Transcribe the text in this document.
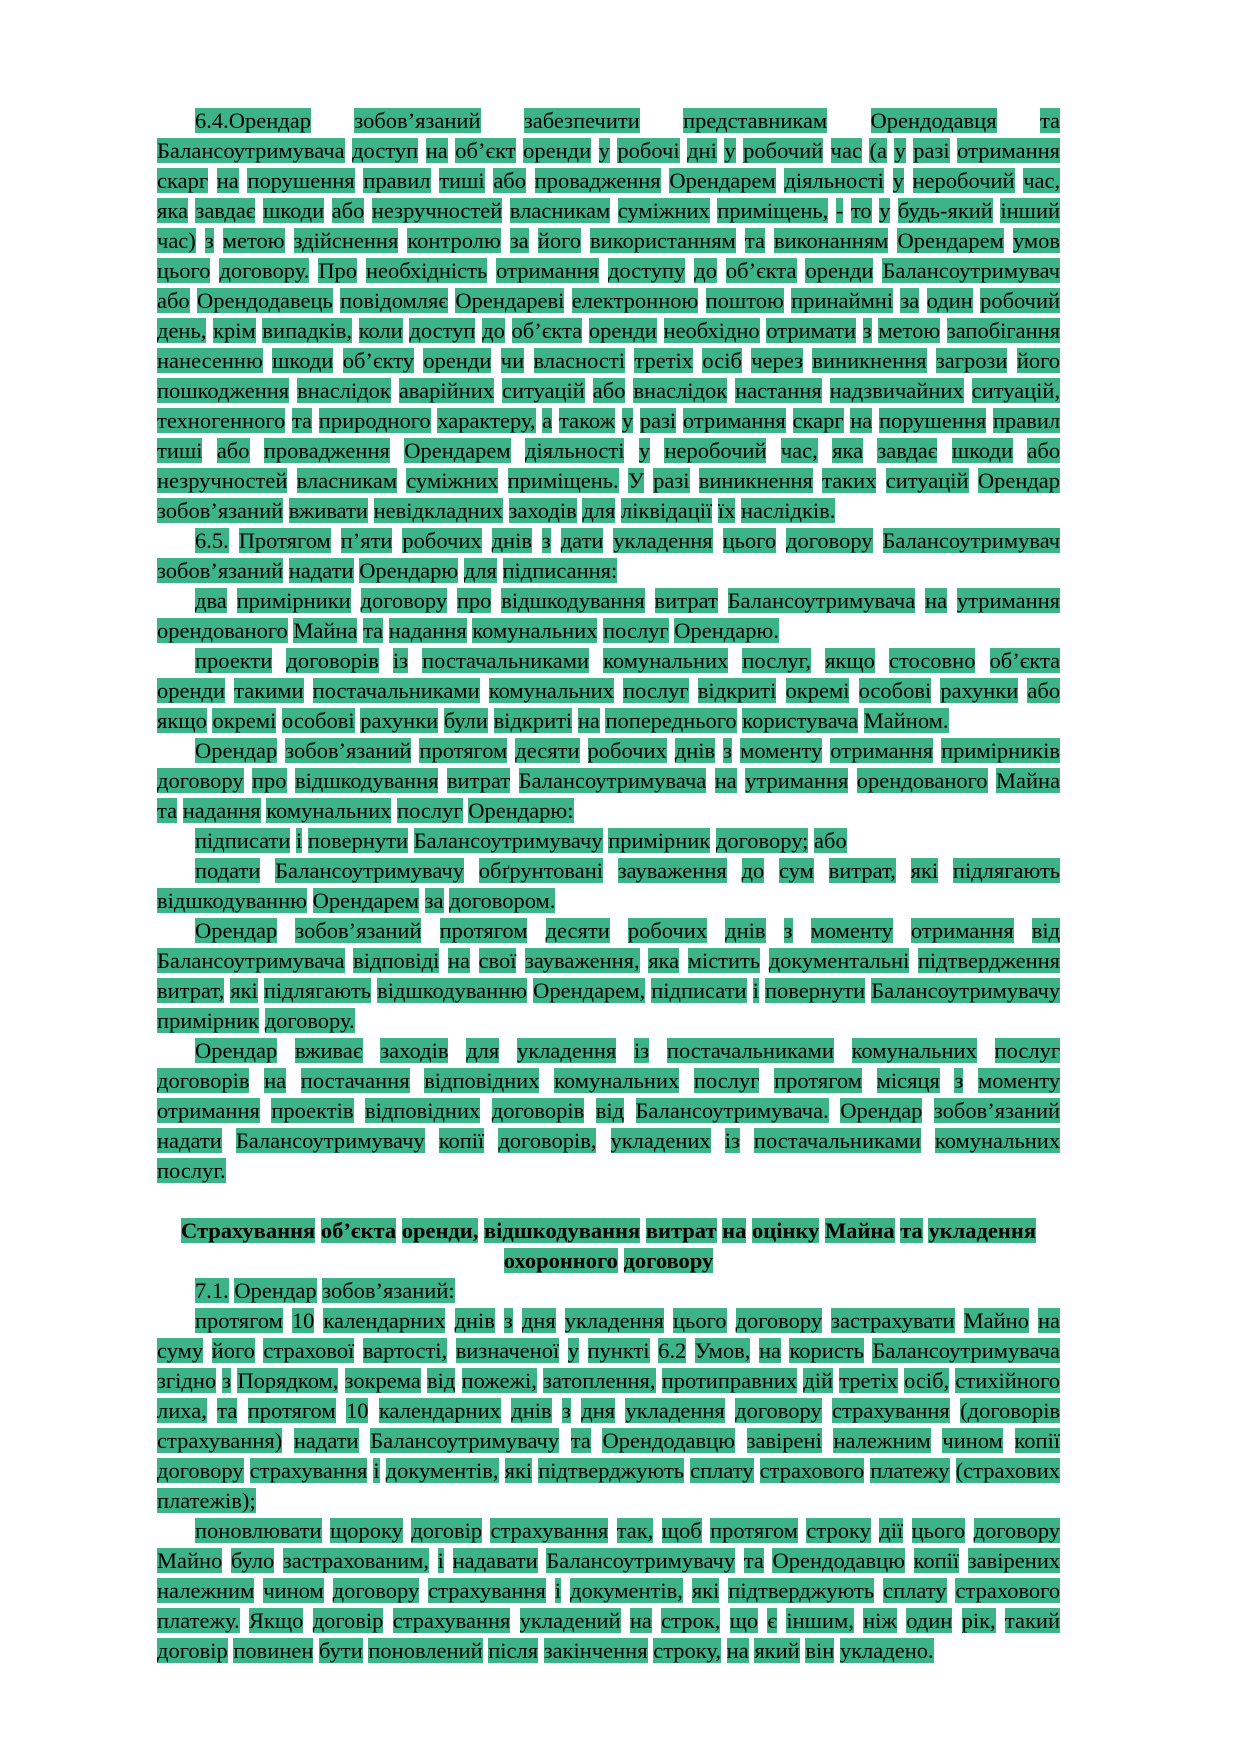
6.4.Орендар зобов’язаний забезпечити представникам Орендодавця та Балансоутримувача доступ на об’єкт оренди у робочі дні у робочий час (а у разі отримання скарг на порушення правил тиші або провадження Орендарем діяльності у неробочий час, яка завдає шкоди або незручностей власникам суміжних приміщень, - то у будь-який інший час) з метою здійснення контролю за його використанням та виконанням Орендарем умов цього договору. Про необхідність отримання доступу до об’єкта оренди Балансоутримувач або Орендодавець повідомляє Орендареві електронною поштою принаймні за один робочий день, крім випадків, коли доступ до об’єкта оренди необхідно отримати з метою запобігання нанесенню шкоди об’єкту оренди чи власності третіх осіб через виникнення загрози його пошкодження внаслідок аварійних ситуацій або внаслідок настання надзвичайних ситуацій, техногенного та природного характеру, а також у разі отримання скарг на порушення правил тиші або провадження Орендарем діяльності у неробочий час, яка завдає шкоди або незручностей власникам суміжних приміщень. У разі виникнення таких ситуацій Орендар зобов’язаний вживати невідкладних заходів для ліквідації їх наслідків.

6.5. Протягом п’яти робочих днів з дати укладення цього договору Балансоутримувач зобов’язаний надати Орендарю для підписання:

два примірники договору про відшкодування витрат Балансоутримувача на утримання орендованого Майна та надання комунальних послуг Орендарю.

проекти договорів із постачальниками комунальних послуг, якщо стосовно об’єкта оренди такими постачальниками комунальних послуг відкриті окремі особові рахунки або якщо окремі особові рахунки були відкриті на попереднього користувача Майном.

Орендар зобов’язаний протягом десяти робочих днів з моменту отримання примірників договору про відшкодування витрат Балансоутримувача на утримання орендованого Майна та надання комунальних послуг Орендарю:

підписати і повернути Балансоутримувачу примірник договору; або

подати Балансоутримувачу обґрунтовані зауваження до сум витрат, які підлягають відшкодуванню Орендарем за договором.

Орендар зобов’язаний протягом десяти робочих днів з моменту отримання від Балансоутримувача відповіді на свої зауваження, яка містить документальні підтвердження витрат, які підлягають відшкодуванню Орендарем, підписати і повернути Балансоутримувачу примірник договору.

Орендар вживає заходів для укладення із постачальниками комунальних послуг договорів на постачання відповідних комунальних послуг протягом місяця з моменту отримання проектів відповідних договорів від Балансоутримувача. Орендар зобов’язаний надати Балансоутримувачу копії договорів, укладених із постачальниками комунальних послуг.

Страхування об’єкта оренди, відшкодування витрат на оцінку Майна та укладення охоронного договору

7.1. Орендар зобов’язаний:

протягом 10 календарних днів з дня укладення цього договору застрахувати Майно на суму його страхової вартості, визначеної у пункті 6.2 Умов, на користь Балансоутримувача згідно з Порядком, зокрема від пожежі, затоплення, протиправних дій третіх осіб, стихійного лиха, та протягом 10 календарних днів з дня укладення договору страхування (договорів страхування) надати Балансоутримувачу та Орендодавцю завірені належним чином копії договору страхування і документів, які підтверджують сплату страхового платежу (страхових платежів);

поновлювати щороку договір страхування так, щоб протягом строку дії цього договору Майно було застрахованим, і надавати Балансоутримувачу та Орендодавцю копії завірених належним чином договору страхування і документів, які підтверджують сплату страхового платежу. Якщо договір страхування укладений на строк, що є іншим, ніж один рік, такий договір повинен бути поновлений після закінчення строку, на який він укладено.
